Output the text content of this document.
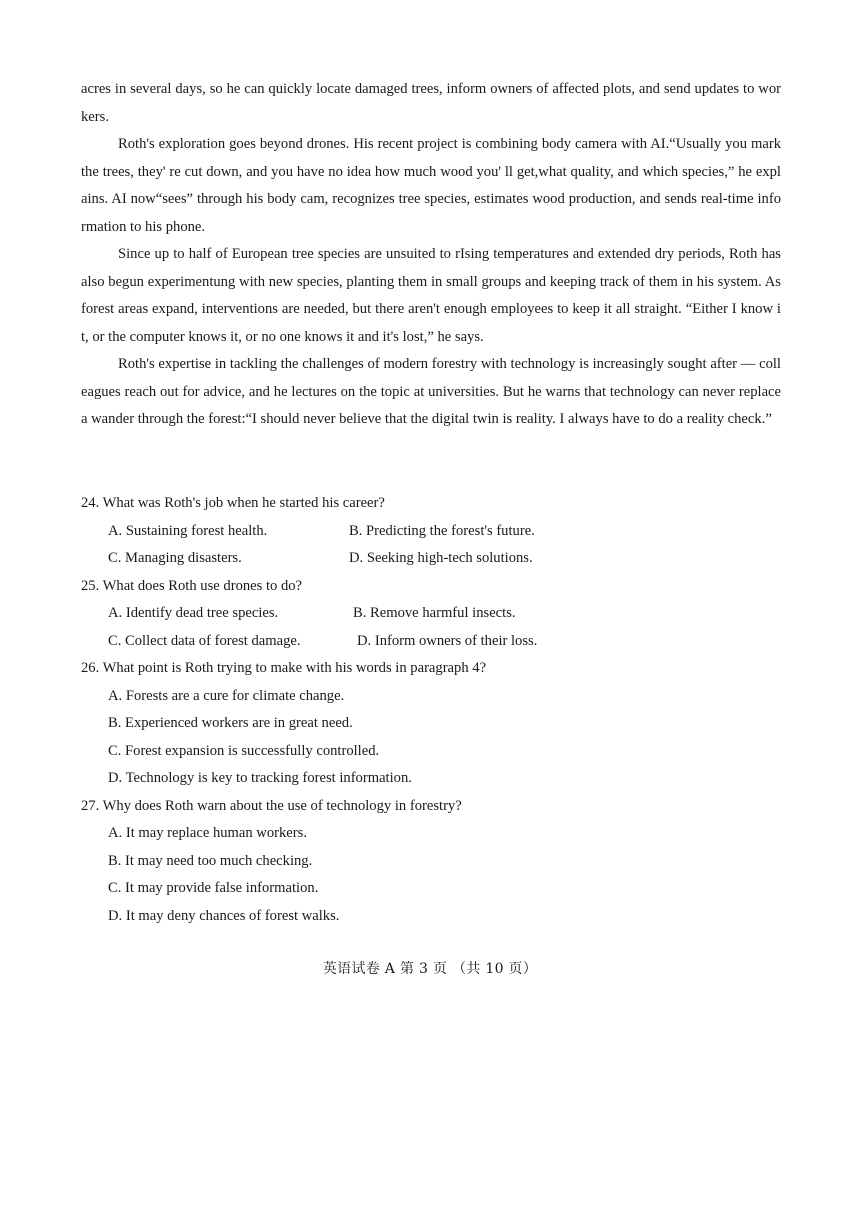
acres in several days, so he can quickly locate damaged trees, inform owners of affected plots, and send updates to workers.

Roth's exploration goes beyond drones. His recent project is combining body camera with AI.“Usually you mark the trees, they' re cut down, and you have no idea how much wood you' ll get,what quality, and which species,” he explains. AI now“sees” through his body cam, recognizes tree species, estimates wood production, and sends real-time information to his phone.

Since up to half of European tree species are unsuited to rIsing temperatures and extended dry periods, Roth has also begun experimentung with new species, planting them in small groups and keeping track of them in his system. As forest areas expand, interventions are needed, but there aren't enough employees to keep it all straight. “Either I know it, or the computer knows it, or no one knows it and it's lost,” he says.

Roth's expertise in tackling the challenges of modern forestry with technology is increasingly sought after — colleagues reach out for advice, and he lectures on the topic at universities. But he warns that technology can never replace a wander through the forest:“I should never believe that the digital twin is reality. I always have to do a reality check.”

24. What was Roth's job when he started his career?
A. Sustaining forest health.	B. Predicting the forest's future.
C. Managing disasters.	D. Seeking high-tech solutions.
25. What does Roth use drones to do?
A. Identify dead tree species.	B. Remove harmful insects.
C. Collect data of forest damage.	D. Inform owners of their loss.
26. What point is Roth trying to make with his words in paragraph 4?
A. Forests are a cure for climate change.
B. Experienced workers are in great need.
C. Forest expansion is successfully controlled.
D. Technology is key to tracking forest information.
27. Why does Roth warn about the use of technology in forestry?
A. It may replace human workers.
B. It may need too much checking.
C. It may provide false information.
D. It may deny chances of forest walks.
英语试卷 A 第 3 页 （共 10 页）
